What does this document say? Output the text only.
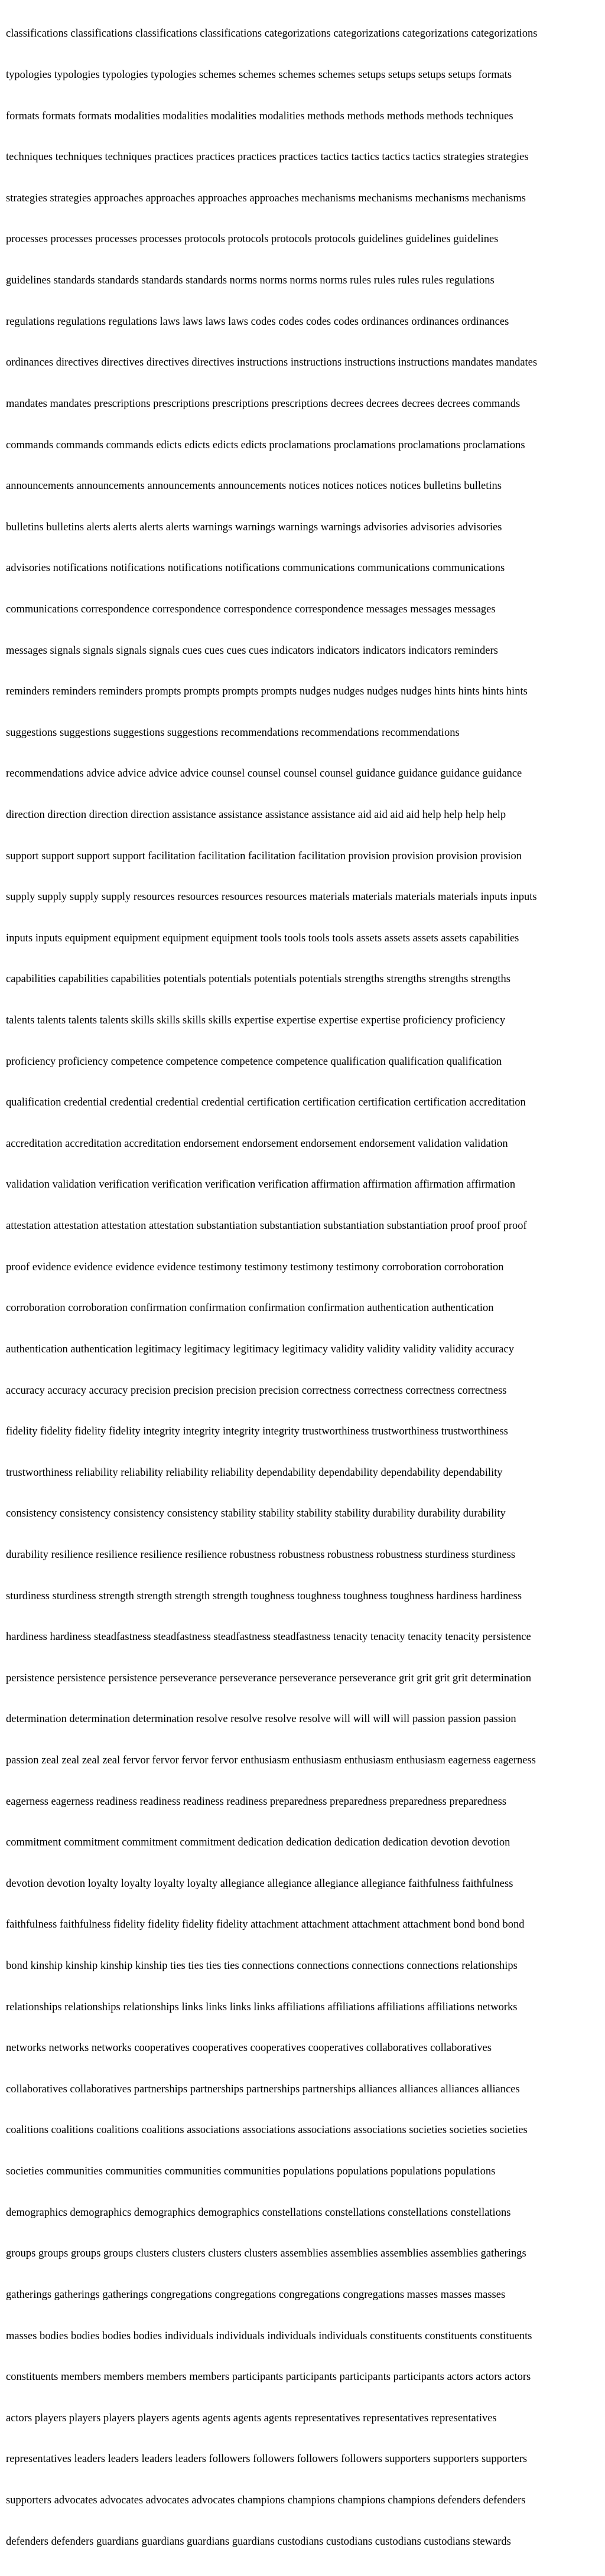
classifications classifications classifications classifications categorizations categorizations categorizations categorizations

typologies typologies typologies typologies schemes schemes schemes schemes setups setups setups setups formats

formats formats formats modalities modalities modalities modalities methods methods methods methods techniques

techniques techniques techniques practices practices practices practices tactics tactics tactics tactics strategies strategies

strategies strategies approaches approaches approaches approaches mechanisms mechanisms mechanisms mechanisms

processes processes processes processes protocols protocols protocols protocols guidelines guidelines guidelines

guidelines standards standards standards standards norms norms norms norms rules rules rules rules regulations

regulations regulations regulations laws laws laws laws codes codes codes codes ordinances ordinances ordinances

ordinances directives directives directives directives instructions instructions instructions instructions mandates mandates

mandates mandates prescriptions prescriptions prescriptions prescriptions decrees decrees decrees decrees commands

commands commands commands edicts edicts edicts edicts proclamations proclamations proclamations proclamations

announcements announcements announcements announcements notices notices notices notices bulletins bulletins

bulletins bulletins alerts alerts alerts alerts warnings warnings warnings warnings advisories advisories advisories

advisories notifications notifications notifications notifications communications communications communications

communications correspondence correspondence correspondence correspondence messages messages messages

messages signals signals signals signals cues cues cues cues indicators indicators indicators indicators reminders

reminders reminders reminders prompts prompts prompts prompts nudges nudges nudges nudges hints hints hints hints

suggestions suggestions suggestions suggestions recommendations recommendations recommendations

recommendations advice advice advice advice counsel counsel counsel counsel guidance guidance guidance guidance

direction direction direction direction assistance assistance assistance assistance aid aid aid aid help help help help

support support support support facilitation facilitation facilitation facilitation provision provision provision provision

supply supply supply supply resources resources resources resources materials materials materials materials inputs inputs

inputs inputs equipment equipment equipment equipment tools tools tools tools assets assets assets assets capabilities

capabilities capabilities capabilities potentials potentials potentials potentials strengths strengths strengths strengths

talents talents talents talents skills skills skills skills expertise expertise expertise expertise proficiency proficiency

proficiency proficiency competence competence competence competence qualification qualification qualification

qualification credential credential credential credential certification certification certification certification accreditation

accreditation accreditation accreditation endorsement endorsement endorsement endorsement validation validation

validation validation verification verification verification verification affirmation affirmation affirmation affirmation

attestation attestation attestation attestation substantiation substantiation substantiation substantiation proof proof proof

proof evidence evidence evidence evidence testimony testimony testimony testimony corroboration corroboration

corroboration corroboration confirmation confirmation confirmation confirmation authentication authentication

authentication authentication legitimacy legitimacy legitimacy legitimacy validity validity validity validity accuracy

accuracy accuracy accuracy precision precision precision precision correctness correctness correctness correctness

fidelity fidelity fidelity fidelity integrity integrity integrity integrity trustworthiness trustworthiness trustworthiness

trustworthiness reliability reliability reliability reliability dependability dependability dependability dependability

consistency consistency consistency consistency stability stability stability stability durability durability durability

durability resilience resilience resilience resilience robustness robustness robustness robustness sturdiness sturdiness

sturdiness sturdiness strength strength strength strength toughness toughness toughness toughness hardiness hardiness

hardiness hardiness steadfastness steadfastness steadfastness steadfastness tenacity tenacity tenacity tenacity persistence

persistence persistence persistence perseverance perseverance perseverance perseverance grit grit grit grit determination

determination determination determination resolve resolve resolve resolve will will will will passion passion passion

passion zeal zeal zeal zeal fervor fervor fervor fervor enthusiasm enthusiasm enthusiasm enthusiasm eagerness eagerness

eagerness eagerness readiness readiness readiness readiness preparedness preparedness preparedness preparedness

commitment commitment commitment commitment dedication dedication dedication dedication devotion devotion

devotion devotion loyalty loyalty loyalty loyalty allegiance allegiance allegiance allegiance faithfulness faithfulness

faithfulness faithfulness fidelity fidelity fidelity fidelity attachment attachment attachment attachment bond bond bond

bond kinship kinship kinship kinship ties ties ties ties connections connections connections connections relationships

relationships relationships relationships links links links links affiliations affiliations affiliations affiliations networks

networks networks networks cooperatives cooperatives cooperatives cooperatives collaboratives collaboratives

collaboratives collaboratives partnerships partnerships partnerships partnerships alliances alliances alliances alliances

coalitions coalitions coalitions coalitions associations associations associations associations societies societies societies

societies communities communities communities communities populations populations populations populations

demographics demographics demographics demographics constellations constellations constellations constellations

groups groups groups groups clusters clusters clusters clusters assemblies assemblies assemblies assemblies gatherings

gatherings gatherings gatherings congregations congregations congregations congregations masses masses masses

masses bodies bodies bodies bodies individuals individuals individuals individuals constituents constituents constituents

constituents members members members members participants participants participants participants actors actors actors

actors players players players players agents agents agents agents representatives representatives representatives

representatives leaders leaders leaders leaders followers followers followers followers supporters supporters supporters

supporters advocates advocates advocates advocates champions champions champions champions defenders defenders

defenders defenders guardians guardians guardians guardians custodians custodians custodians custodians stewards
